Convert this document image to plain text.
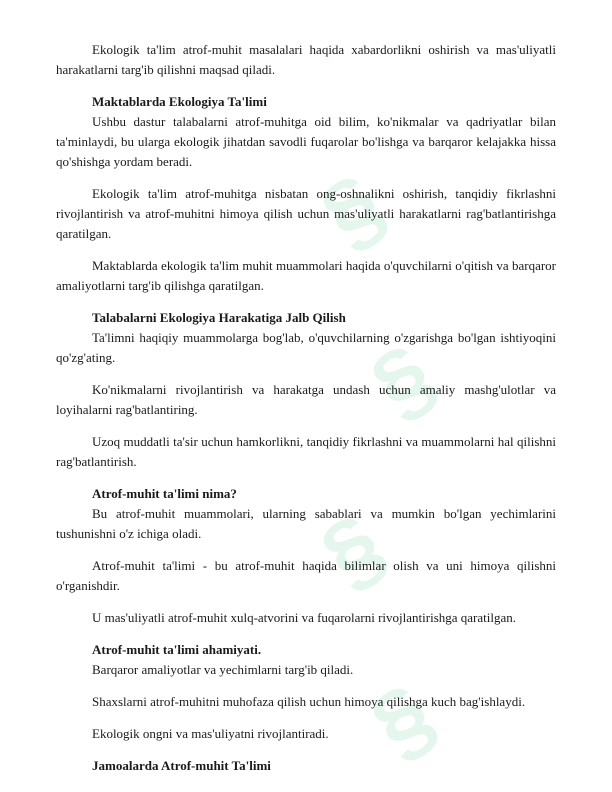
§
§
§
§

Ekologik ta'lim atrof-muhit masalalari haqida xabardorlikni oshirish va mas'uliyatli harakatlarni targ'ib qilishni maqsad qiladi.

Maktablarda Ekologiya Ta'limi

Ushbu dastur talabalarni atrof-muhitga oid bilim, ko'nikmalar va qadriyatlar bilan ta'minlaydi, bu ularga ekologik jihatdan savodli fuqarolar bo'lishga va barqaror kelajakka hissa qo'shishga yordam beradi.

Ekologik ta'lim atrof-muhitga nisbatan ong-oshnalikni oshirish, tanqidiy fikrlashni rivojlantirish va atrof-muhitni himoya qilish uchun mas'uliyatli harakatlarni rag'batlantirishga qaratilgan.

Maktablarda ekologik ta'lim muhit muammolari haqida o'quvchilarni o'qitish va barqaror amaliyotlarni targ'ib qilishga qaratilgan.

Talabalarni Ekologiya Harakatiga Jalb Qilish

Ta'limni haqiqiy muammolarga bog'lab, o'quvchilarning o'zgarishga bo'lgan ishtiyoqini qo'zg'ating.

Ko'nikmalarni rivojlantirish va harakatga undash uchun amaliy mashg'ulotlar va loyihalarni rag'batlantiring.

Uzoq muddatli ta'sir uchun hamkorlikni, tanqidiy fikrlashni va muammolarni hal qilishni rag'batlantirish.

Atrof-muhit ta'limi nima?

Bu atrof-muhit muammolari, ularning sabablari va mumkin bo'lgan yechimlarini tushunishni o'z ichiga oladi.

Atrof-muhit ta'limi - bu atrof-muhit haqida bilimlar olish va uni himoya qilishni o'rganishdir.

U mas'uliyatli atrof-muhit xulq-atvorini va fuqarolarni rivojlantirishga qaratilgan.

Atrof-muhit ta'limi ahamiyati.

Barqaror amaliyotlar va yechimlarni targ'ib qiladi.

Shaxslarni atrof-muhitni muhofaza qilish uchun himoya qilishga kuch bag'ishlaydi.

Ekologik ongni va mas'uliyatni rivojlantiradi.

Jamoalarda Atrof-muhit Ta'limi
